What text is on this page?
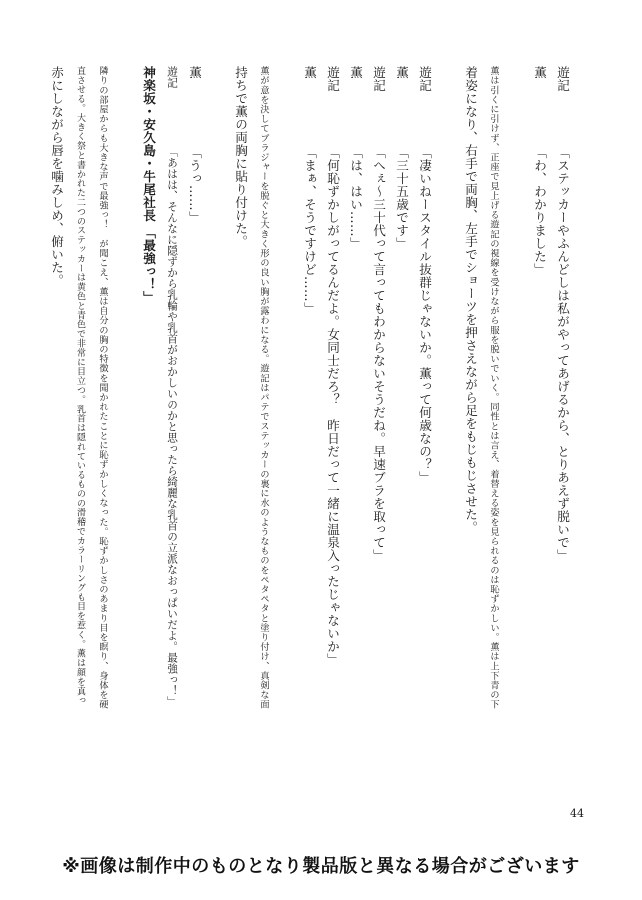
遊記「ステッカーやふんどしは私がやってあげるから、とりあえず脱いで」
薫「わ、わかりました」
薫は引くに引けず、正座で見上げる遊記の視線を受けながら服を脱いでいく。同性とは言え、着替える姿を見られるのは恥ずかしい。薫は上下青の下
着姿になり、右手で両胸、左手でショーツを押さえながら足をもじもじさせた。
遊記「凄いねースタイル抜群じゃないか。薫って何歳なの？」
薫「三十五歳です」
遊記「へぇ〜三十代って言ってもわからないそうだね。早速ブラを取って」
薫「は、はい……」
遊記「何恥ずかしがってるんだよ。女同士だろ？　昨日だって一緒に温泉入ったじゃないか」
薫「まぁ、そうですけど……」
薫が意を決してブラジャーを脱ぐと大きく形の良い胸が露わになる。遊記はパテでステッカーの裏に水のようなものをペタペタと塗り付け、真剣な面
持ちで薫の両胸に貼り付けた。
薫「うっ……」
遊記「あはは、そんなに隠ずから乳輪や乳首がおかしいのかと思ったら綺麗な乳首の立派なおっぱいだよ。最強っ！」
神楽坂・安久島・牛尾社長「最強っ！」
隣りの部屋からも大きな声で最強っ！　が聞こえ、薫は自分の胸の特徴を聞かれたことに恥ずかしくなった。恥ずかしさのあまり目を瞑り、身体を硬
直させる。大きく祭と書かれた二つのステッカーは黄色と青色で非常に目立つ。乳首は隠れているものの滑稽でカラーリングも目を惹く。薫は顔を真っ
赤にしながら唇を噛みしめ、俯いた。
44
※画像は制作中のものとなり製品版と異なる場合がございます
